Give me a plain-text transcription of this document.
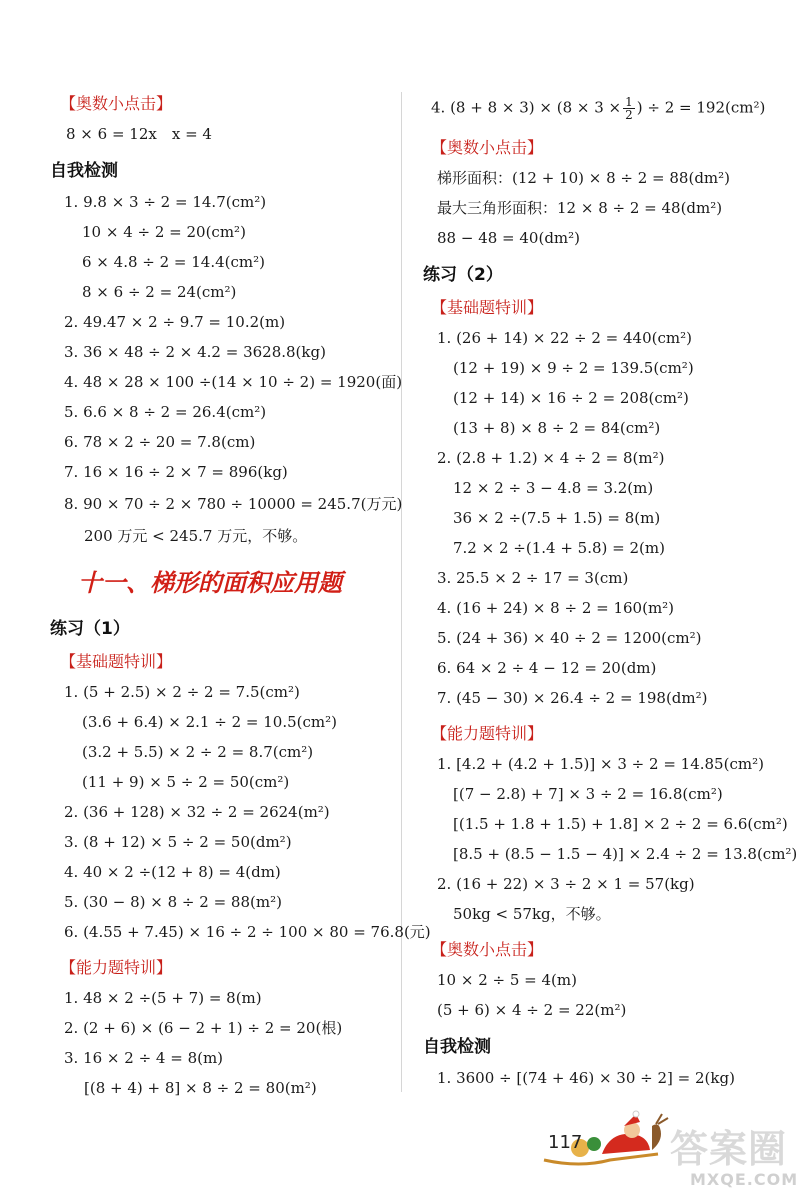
【奥数小点击】
8 × 6 = 12x　x = 4
自我检测
1. 9.8 × 3 ÷ 2 = 14.7(cm²)
10 × 4 ÷ 2 = 20(cm²)
6 × 4.8 ÷ 2 = 14.4(cm²)
8 × 6 ÷ 2 = 24(cm²)
2. 49.47 × 2 ÷ 9.7 = 10.2(m)
3. 36 × 48 ÷ 2 × 4.2 = 3628.8(kg)
4. 48 × 28 × 100 ÷(14 × 10 ÷ 2) = 1920(面)
5. 6.6 × 8 ÷ 2 = 26.4(cm²)
6. 78 × 2 ÷ 20 = 7.8(cm)
7. 16 × 16 ÷ 2 × 7 = 896(kg)
8. 90 × 70 ÷ 2 × 780 ÷ 10000 = 245.7(万元)
200 万元 < 245.7 万元，不够。
十一、梯形的面积应用题
练习（1）
【基础题特训】
1. (5 + 2.5) × 2 ÷ 2 = 7.5(cm²)
(3.6 + 6.4) × 2.1 ÷ 2 = 10.5(cm²)
(3.2 + 5.5) × 2 ÷ 2 = 8.7(cm²)
(11 + 9) × 5 ÷ 2 = 50(cm²)
2. (36 + 128) × 32 ÷ 2 = 2624(m²)
3. (8 + 12) × 5 ÷ 2 = 50(dm²)
4. 40 × 2 ÷(12 + 8) = 4(dm)
5. (30 − 8) × 8 ÷ 2 = 88(m²)
6. (4.55 + 7.45) × 16 ÷ 2 ÷ 100 × 80 = 76.8(元)
【能力题特训】
1. 48 × 2 ÷(5 + 7) = 8(m)
2. (2 + 6) × (6 − 2 + 1) ÷ 2 = 20(根)
3. 16 × 2 ÷ 4 = 8(m)
[(8 + 4) + 8] × 8 ÷ 2 = 80(m²)
4. $(8 + 8 \times 3) \times (8 \times 3 \times \frac{1}{2}$ ) ÷ 2 = 192(cm²)
【奥数小点击】
梯形面积：(12 + 10) × 8 ÷ 2 = 88(dm²)
最大三角形面积：12 × 8 ÷ 2 = 48(dm²)
88 − 48 = 40(dm²)
练习（2）
【基础题特训】
1. (26 + 14) × 22 ÷ 2 = 440(cm²)
(12 + 19) × 9 ÷ 2 = 139.5(cm²)
(12 + 14) × 16 ÷ 2 = 208(cm²)
(13 + 8) × 8 ÷ 2 = 84(cm²)
2. (2.8 + 1.2) × 4 ÷ 2 = 8(m²)
12 × 2 ÷ 3 − 4.8 = 3.2(m)
36 × 2 ÷(7.5 + 1.5) = 8(m)
7.2 × 2 ÷(1.4 + 5.8) = 2(m)
3. 25.5 × 2 ÷ 17 = 3(cm)
4. (16 + 24) × 8 ÷ 2 = 160(m²)
5. (24 + 36) × 40 ÷ 2 = 1200(cm²)
6. 64 × 2 ÷ 4 − 12 = 20(dm)
7. (45 − 30) × 26.4 ÷ 2 = 198(dm²)
【能力题特训】
1. [4.2 + (4.2 + 1.5)] × 3 ÷ 2 = 14.85(cm²)
[(7 − 2.8) + 7] × 3 ÷ 2 = 16.8(cm²)
[(1.5 + 1.8 + 1.5) + 1.8] × 2 ÷ 2 = 6.6(cm²)
[8.5 + (8.5 − 1.5 − 4)] × 2.4 ÷ 2 = 13.8(cm²)
2. (16 + 22) × 3 ÷ 2 × 1 = 57(kg)
50kg < 57kg，不够。
【奥数小点击】
10 × 2 ÷ 5 = 4(m)
(5 + 6) × 4 ÷ 2 = 22(m²)
自我检测
1. 3600 ÷ [(74 + 46) × 30 ÷ 2] = 2(kg)
117 答案圈
MXQE.COM
